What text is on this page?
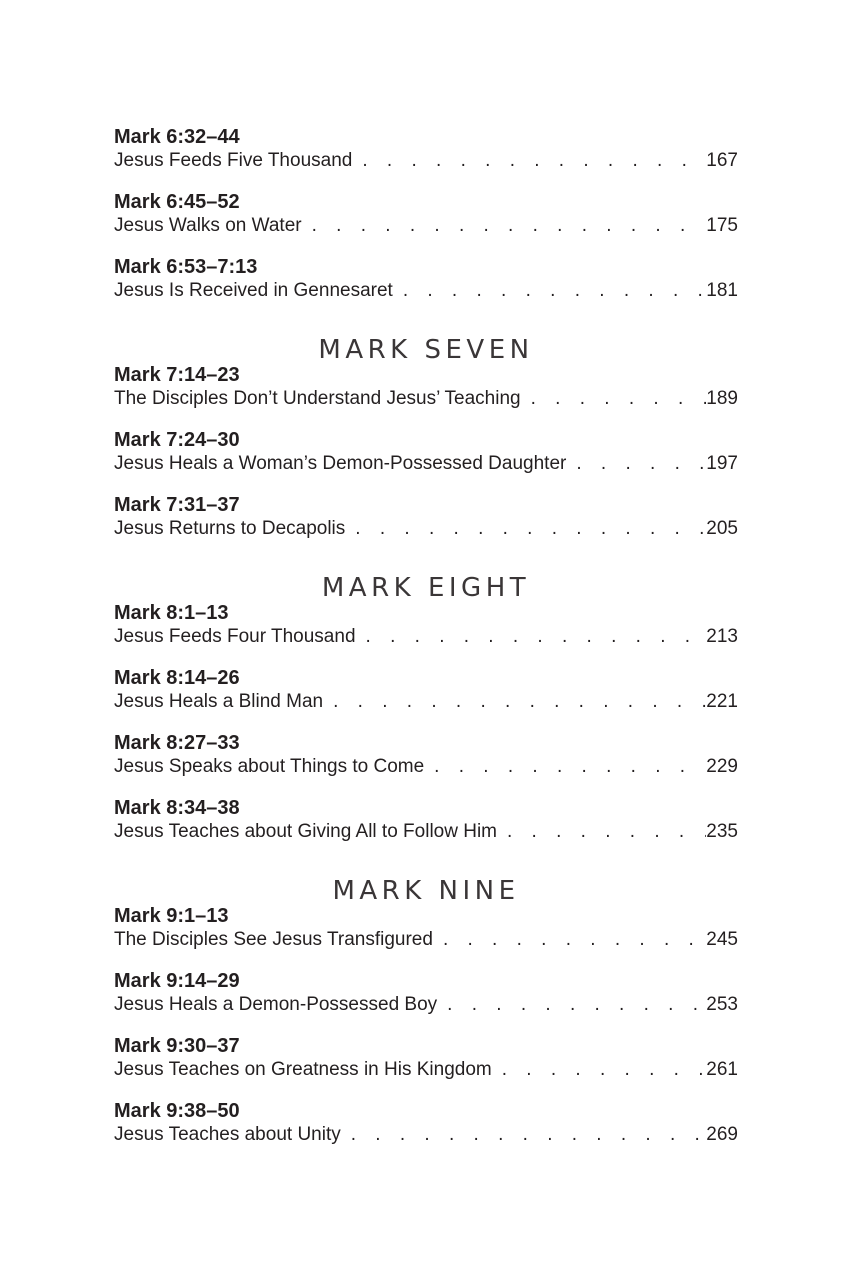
Mark 6:32–44
Jesus Feeds Five Thousand . . .	167
Mark 6:45–52
Jesus Walks on Water . . .	175
Mark 6:53–7:13
Jesus Is Received in Gennesaret . . .	181
MARK SEVEN
Mark 7:14–23
The Disciples Don’t Understand Jesus’ Teaching . . .	189
Mark 7:24–30
Jesus Heals a Woman’s Demon-Possessed Daughter . . .	197
Mark 7:31–37
Jesus Returns to Decapolis . . .	205
MARK EIGHT
Mark 8:1–13
Jesus Feeds Four Thousand . . .	213
Mark 8:14–26
Jesus Heals a Blind Man . . .	221
Mark 8:27–33
Jesus Speaks about Things to Come . . .	229
Mark 8:34–38
Jesus Teaches about Giving All to Follow Him . . .	235
MARK NINE
Mark 9:1–13
The Disciples See Jesus Transfigured . . .	245
Mark 9:14–29
Jesus Heals a Demon-Possessed Boy . . .	253
Mark 9:30–37
Jesus Teaches on Greatness in His Kingdom . . .	261
Mark 9:38–50
Jesus Teaches about Unity . . .	269
